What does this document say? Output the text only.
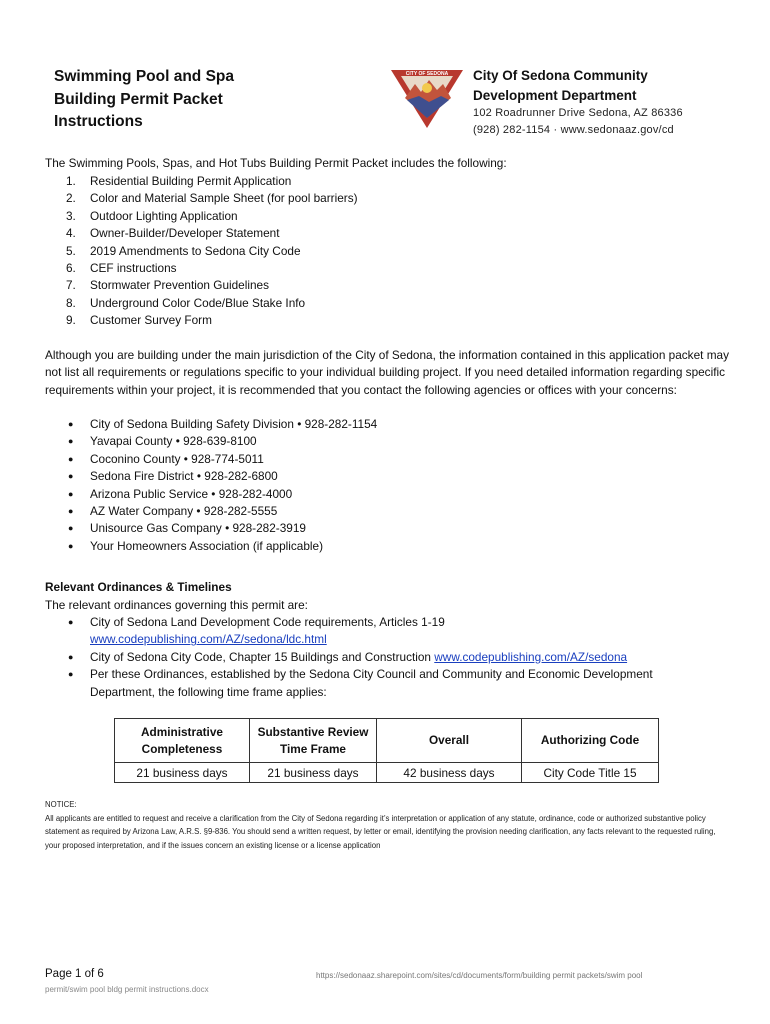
Swimming Pool and Spa
Building Permit Packet
Instructions
CITY OF SEDONA City Of Sedona Community
Development Department
102 Roadrunner Drive Sedona, AZ 86336
(928) 282-1154 · www.sedonaaz.gov/cd
The Swimming Pools, Spas, and Hot Tubs Building Permit Packet includes the following:
1.	Residential Building Permit Application
2.	Color and Material Sample Sheet (for pool barriers)
3.	Outdoor Lighting Application
4.	Owner-Builder/Developer Statement
5.	2019 Amendments to Sedona City Code
6.	CEF instructions
7.	Stormwater Prevention Guidelines
8.	Underground Color Code/Blue Stake Info
9.	Customer Survey Form
Although you are building under the main jurisdiction of the City of Sedona, the information contained in this application packet may not list all requirements or regulations specific to your individual building project. If you need detailed information regarding specific requirements within your project, it is recommended that you contact the following agencies or offices with your concerns:
●	City of Sedona Building Safety Division • 928-282-1154
●	Yavapai County • 928-639-8100
●	Coconino County • 928-774-5011
●	Sedona Fire District • 928-282-6800
●	Arizona Public Service • 928-282-4000
●	AZ Water Company • 928-282-5555
●	Unisource Gas Company • 928-282-3919
●	Your Homeowners Association (if applicable)
Relevant Ordinances & Timelines
The relevant ordinances governing this permit are:
●	City of Sedona Land Development Code requirements, Articles 1-19
www.codepublishing.com/AZ/sedona/ldc.html
●	City of Sedona City Code, Chapter 15 Buildings and Construction www.codepublishing.com/AZ/sedona
●	Per these Ordinances, established by the Sedona City Council and Community and Economic Development Department, the following time frame applies:
Administrative Completeness	Substantive Review Time Frame	Overall	Authorizing Code
21 business days	21 business days	42 business days	City Code Title 15
NOTICE:
All applicants are entitled to request and receive a clarification from the City of Sedona regarding it’s interpretation or application of any statute, ordinance, code or authorized substantive policy statement as required by Arizona Law, A.R.S. §9-836. You should send a written request, by letter or email, identifying the provision needing clarification, any facts relevant to the requested ruling, your proposed interpretation, and if the issues concern an existing license or a license application
Page 1 of 6	https://sedonaaz.sharepoint.com/sites/cd/documents/form/building permit packets/swim pool
permit/swim pool bldg permit instructions.docx
